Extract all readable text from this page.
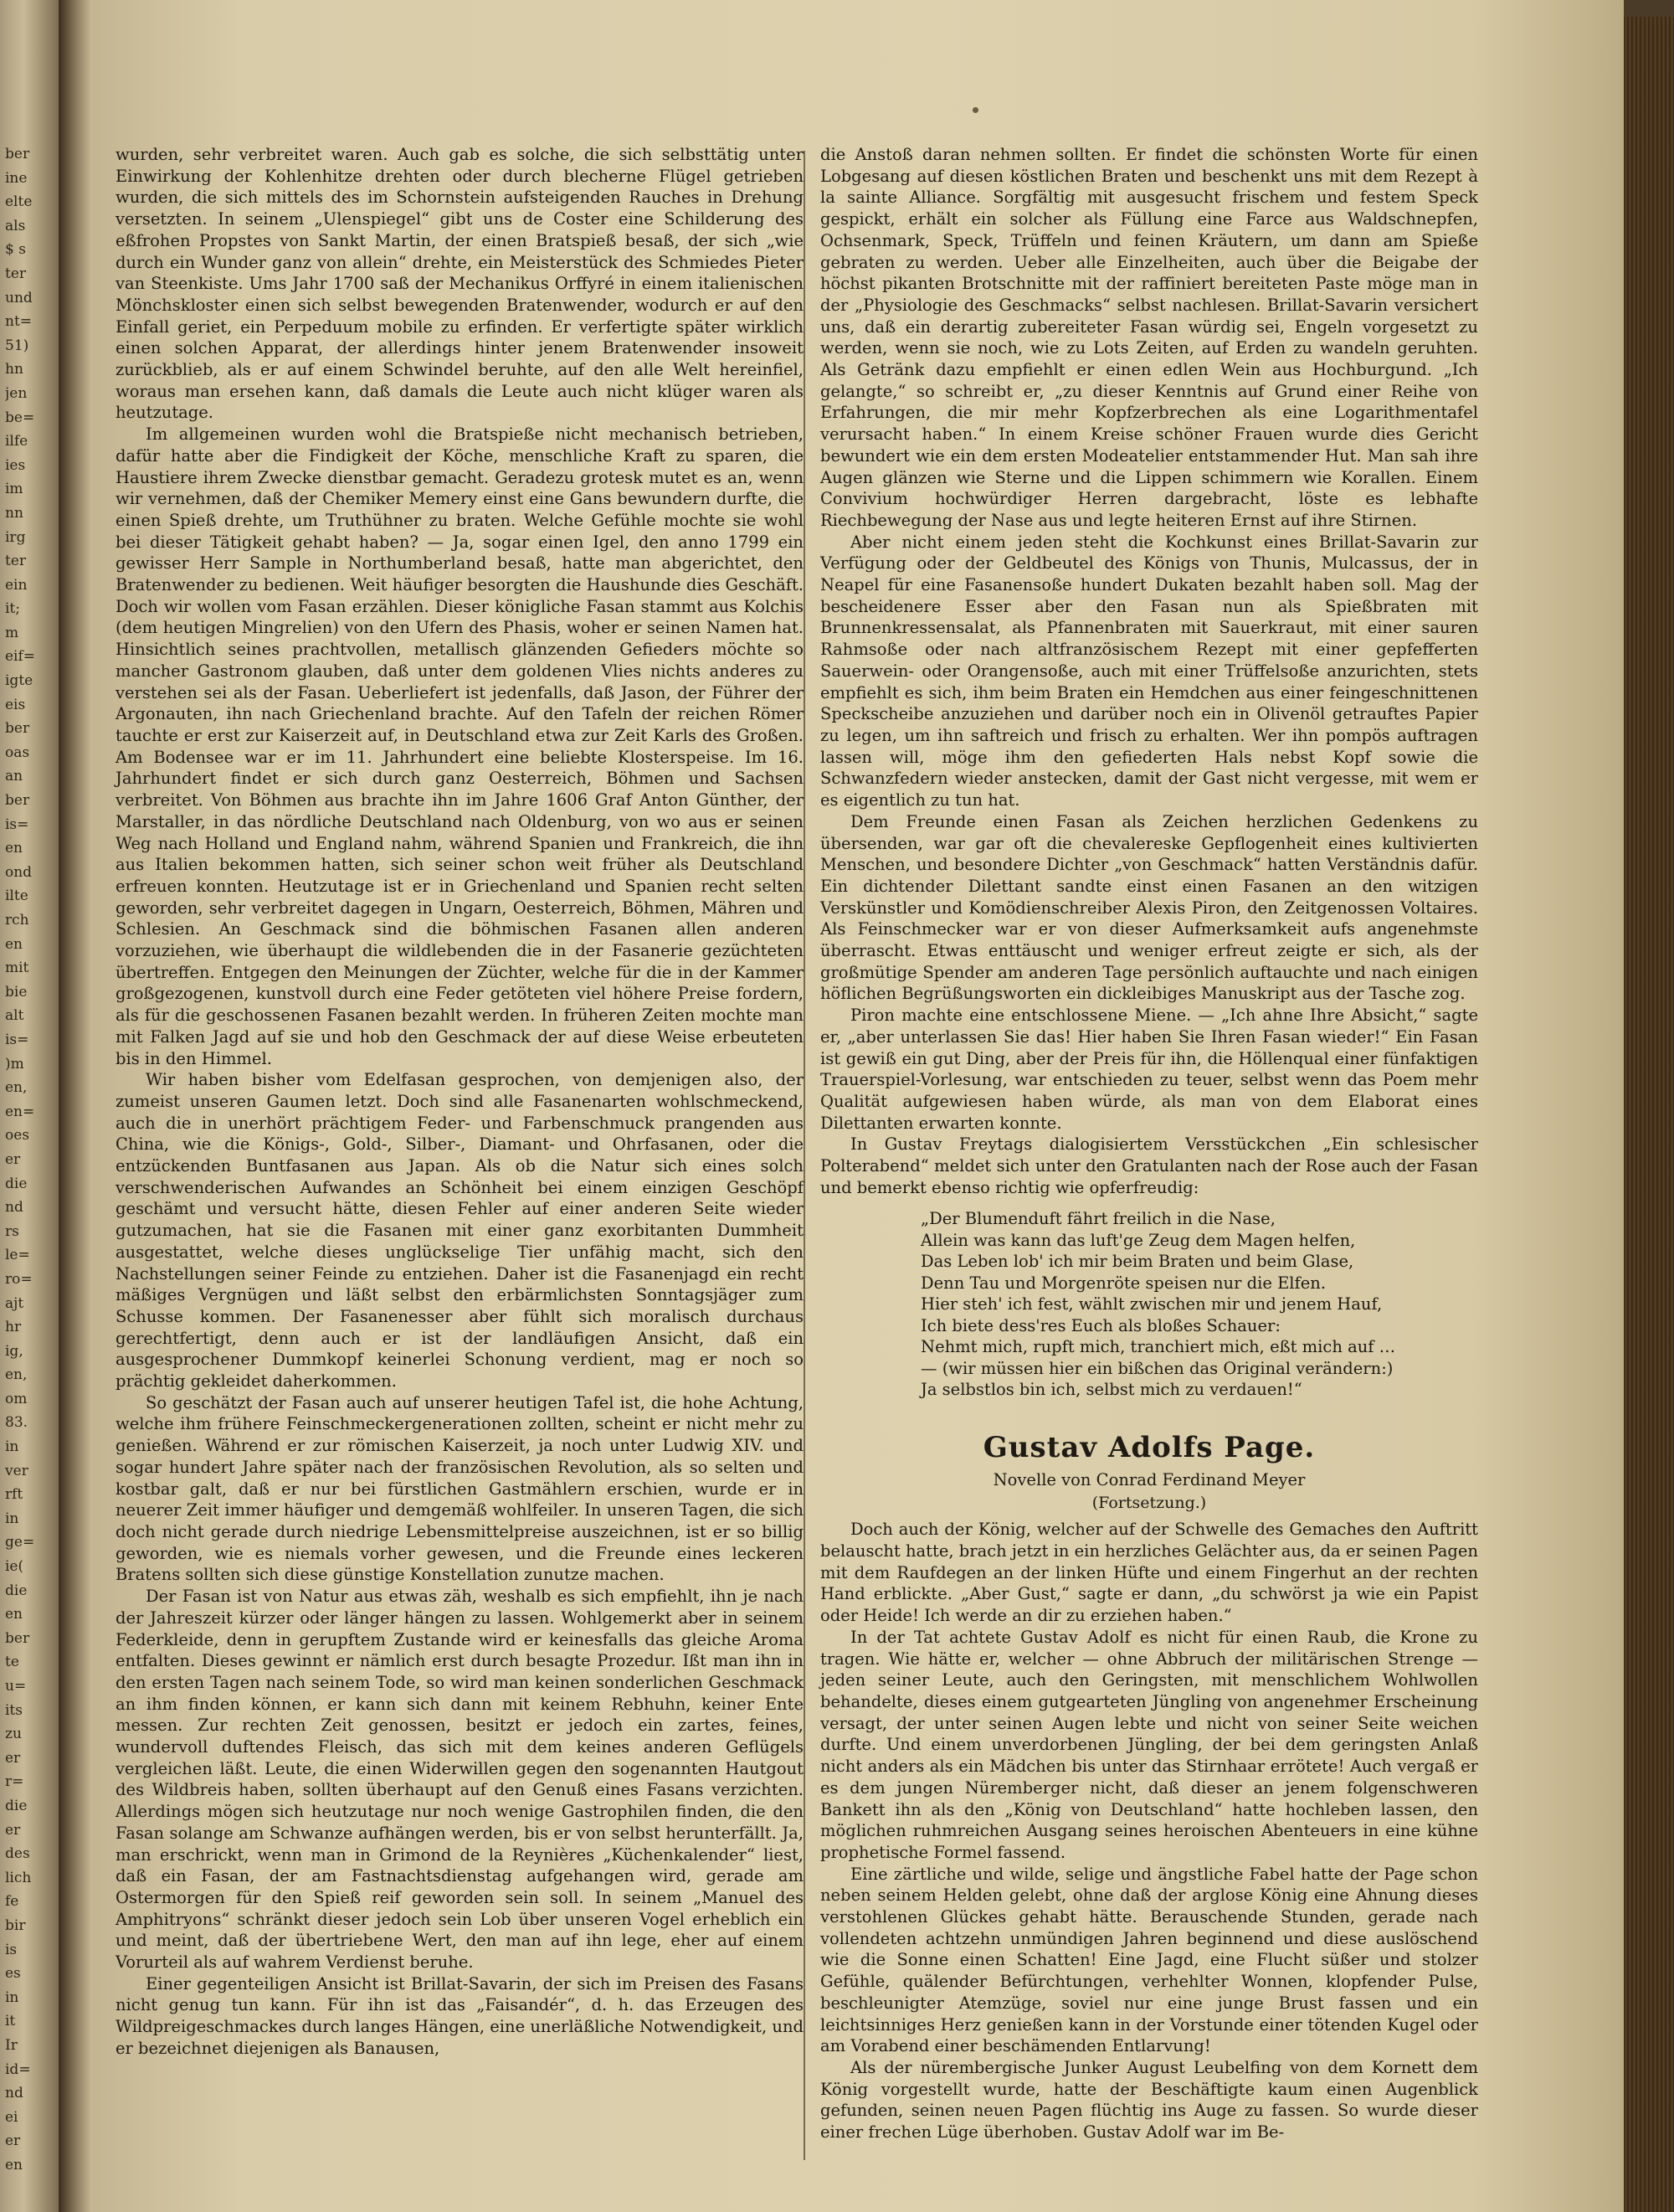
ber
ine
elte
als
$ s
ter
und
nt=
51)
hn
jen
be=
ilfe
ies
im
nn
irg
ter
ein
it;
m
eif=
igte
eis
ber
oas
an
ber
is=
en
ond
ilte
rch
en
mit
bie
alt
is=
)m
en,
en=
oes
er
die
nd
rs
le=
ro=
ajt
hr
ig,
en,
om
83.
in
ver
rft
in
ge=
ie(
die
en
ber
te
u=
its
zu
er
r=
die
er
des
lich
fe
bir
is
es
in
it
Ir
id=
nd
ei
er
en

wurden, sehr verbreitet waren. Auch gab es solche, die sich selbsttätig unter Einwirkung der Kohlenhitze drehten oder durch blecherne Flügel getrieben wurden, die sich mittels des im Schornstein aufsteigenden Rauches in Drehung versetzten. In seinem „Ulenspiegel“ gibt uns de Coster eine Schilderung des eßfrohen Propstes von Sankt Martin, der einen Bratspieß besaß, der sich „wie durch ein Wunder ganz von allein“ drehte, ein Meisterstück des Schmiedes Pieter van Steenkiste. Ums Jahr 1700 saß der Mechanikus Orffyré in einem italienischen Mönchskloster einen sich selbst bewegenden Bratenwender, wodurch er auf den Einfall geriet, ein Perpeduum mobile zu erfinden. Er verfertigte später wirklich einen solchen Apparat, der allerdings hinter jenem Bratenwender insoweit zurückblieb, als er auf einem Schwindel beruhte, auf den alle Welt hereinfiel, woraus man ersehen kann, daß damals die Leute auch nicht klüger waren als heutzutage.

Im allgemeinen wurden wohl die Bratspieße nicht mechanisch betrieben, dafür hatte aber die Findigkeit der Köche, menschliche Kraft zu sparen, die Haustiere ihrem Zwecke dienstbar gemacht. Geradezu grotesk mutet es an, wenn wir vernehmen, daß der Chemiker Memery einst eine Gans bewundern durfte, die einen Spieß drehte, um Truthühner zu braten. Welche Gefühle mochte sie wohl bei dieser Tätigkeit gehabt haben? — Ja, sogar einen Igel, den anno 1799 ein gewisser Herr Sample in Northumberland besaß, hatte man abgerichtet, den Bratenwender zu bedienen. Weit häufiger besorgten die Haushunde dies Geschäft. Doch wir wollen vom Fasan erzählen. Dieser königliche Fasan stammt aus Kolchis (dem heutigen Mingrelien) von den Ufern des Phasis, woher er seinen Namen hat. Hinsichtlich seines prachtvollen, metallisch glänzenden Gefieders möchte so mancher Gastronom glauben, daß unter dem goldenen Vlies nichts anderes zu verstehen sei als der Fasan. Ueberliefert ist jedenfalls, daß Jason, der Führer der Argonauten, ihn nach Griechenland brachte. Auf den Tafeln der reichen Römer tauchte er erst zur Kaiserzeit auf, in Deutschland etwa zur Zeit Karls des Großen. Am Bodensee war er im 11. Jahrhundert eine beliebte Klosterspeise. Im 16. Jahrhundert findet er sich durch ganz Oesterreich, Böhmen und Sachsen verbreitet. Von Böhmen aus brachte ihn im Jahre 1606 Graf Anton Günther, der Marstaller, in das nördliche Deutschland nach Oldenburg, von wo aus er seinen Weg nach Holland und England nahm, während Spanien und Frankreich, die ihn aus Italien bekommen hatten, sich seiner schon weit früher als Deutschland erfreuen konnten. Heutzutage ist er in Griechenland und Spanien recht selten geworden, sehr verbreitet dagegen in Ungarn, Oesterreich, Böhmen, Mähren und Schlesien. An Geschmack sind die böhmischen Fasanen allen anderen vorzuziehen, wie überhaupt die wildlebenden die in der Fasanerie gezüchteten übertreffen. Entgegen den Meinungen der Züchter, welche für die in der Kammer großgezogenen, kunstvoll durch eine Feder getöteten viel höhere Preise fordern, als für die geschossenen Fasanen bezahlt werden. In früheren Zeiten mochte man mit Falken Jagd auf sie und hob den Geschmack der auf diese Weise erbeuteten bis in den Himmel.

Wir haben bisher vom Edelfasan gesprochen, von demjenigen also, der zumeist unseren Gaumen letzt. Doch sind alle Fasanenarten wohlschmeckend, auch die in unerhört prächtigem Feder- und Farbenschmuck prangenden aus China, wie die Königs-, Gold-, Silber-, Diamant- und Ohrfasanen, oder die entzückenden Buntfasanen aus Japan. Als ob die Natur sich eines solch verschwenderischen Aufwandes an Schönheit bei einem einzigen Geschöpf geschämt und versucht hätte, diesen Fehler auf einer anderen Seite wieder gutzumachen, hat sie die Fasanen mit einer ganz exorbitanten Dummheit ausgestattet, welche dieses unglückselige Tier unfähig macht, sich den Nachstellungen seiner Feinde zu entziehen. Daher ist die Fasanenjagd ein recht mäßiges Vergnügen und läßt selbst den erbärmlichsten Sonntagsjäger zum Schusse kommen. Der Fasanenesser aber fühlt sich moralisch durchaus gerechtfertigt, denn auch er ist der landläufigen Ansicht, daß ein ausgesprochener Dummkopf keinerlei Schonung verdient, mag er noch so prächtig gekleidet daherkommen.

So geschätzt der Fasan auch auf unserer heutigen Tafel ist, die hohe Achtung, welche ihm frühere Feinschmeckergenerationen zollten, scheint er nicht mehr zu genießen. Während er zur römischen Kaiserzeit, ja noch unter Ludwig XIV. und sogar hundert Jahre später nach der französischen Revolution, als so selten und kostbar galt, daß er nur bei fürstlichen Gastmählern erschien, wurde er in neuerer Zeit immer häufiger und demgemäß wohlfeiler. In unseren Tagen, die sich doch nicht gerade durch niedrige Lebensmittelpreise auszeichnen, ist er so billig geworden, wie es niemals vorher gewesen, und die Freunde eines leckeren Bratens sollten sich diese günstige Konstellation zunutze machen.

Der Fasan ist von Natur aus etwas zäh, weshalb es sich empfiehlt, ihn je nach der Jahreszeit kürzer oder länger hängen zu lassen. Wohlgemerkt aber in seinem Federkleide, denn in gerupftem Zustande wird er keinesfalls das gleiche Aroma entfalten. Dieses gewinnt er nämlich erst durch besagte Prozedur. Ißt man ihn in den ersten Tagen nach seinem Tode, so wird man keinen sonderlichen Geschmack an ihm finden können, er kann sich dann mit keinem Rebhuhn, keiner Ente messen. Zur rechten Zeit genossen, besitzt er jedoch ein zartes, feines, wundervoll duftendes Fleisch, das sich mit dem keines anderen Geflügels vergleichen läßt. Leute, die einen Widerwillen gegen den sogenannten Hautgout des Wildbreis haben, sollten überhaupt auf den Genuß eines Fasans verzichten. Allerdings mögen sich heutzutage nur noch wenige Gastrophilen finden, die den Fasan solange am Schwanze aufhängen werden, bis er von selbst herunterfällt. Ja, man erschrickt, wenn man in Grimond de la Reynières „Küchenkalender“ liest, daß ein Fasan, der am Fastnachtsdienstag aufgehangen wird, gerade am Ostermorgen für den Spieß reif geworden sein soll. In seinem „Manuel des Amphitryons“ schränkt dieser jedoch sein Lob über unseren Vogel erheblich ein und meint, daß der übertriebene Wert, den man auf ihn lege, eher auf einem Vorurteil als auf wahrem Verdienst beruhe.

Einer gegenteiligen Ansicht ist Brillat-Savarin, der sich im Preisen des Fasans nicht genug tun kann. Für ihn ist das „Faisandér“, d. h. das Erzeugen des Wildpreigeschmackes durch langes Hängen, eine unerläßliche Notwendigkeit, und er bezeichnet diejenigen als Banausen,

die Anstoß daran nehmen sollten. Er findet die schönsten Worte für einen Lobgesang auf diesen köstlichen Braten und beschenkt uns mit dem Rezept à la sainte Alliance. Sorgfältig mit ausgesucht frischem und festem Speck gespickt, erhält ein solcher als Füllung eine Farce aus Waldschnepfen, Ochsenmark, Speck, Trüffeln und feinen Kräutern, um dann am Spieße gebraten zu werden. Ueber alle Einzelheiten, auch über die Beigabe der höchst pikanten Brotschnitte mit der raffiniert bereiteten Paste möge man in der „Physiologie des Geschmacks“ selbst nachlesen. Brillat-Savarin versichert uns, daß ein derartig zubereiteter Fasan würdig sei, Engeln vorgesetzt zu werden, wenn sie noch, wie zu Lots Zeiten, auf Erden zu wandeln geruhten. Als Getränk dazu empfiehlt er einen edlen Wein aus Hochburgund. „Ich gelangte,“ so schreibt er, „zu dieser Kenntnis auf Grund einer Reihe von Erfahrungen, die mir mehr Kopfzerbrechen als eine Logarithmentafel verursacht haben.“ In einem Kreise schöner Frauen wurde dies Gericht bewundert wie ein dem ersten Modeatelier entstammender Hut. Man sah ihre Augen glänzen wie Sterne und die Lippen schimmern wie Korallen. Einem Convivium hochwürdiger Herren dargebracht, löste es lebhafte Riechbewegung der Nase aus und legte heiteren Ernst auf ihre Stirnen.

Aber nicht einem jeden steht die Kochkunst eines Brillat-Savarin zur Verfügung oder der Geldbeutel des Königs von Thunis, Mulcassus, der in Neapel für eine Fasanensoße hundert Dukaten bezahlt haben soll. Mag der bescheidenere Esser aber den Fasan nun als Spießbraten mit Brunnenkressensalat, als Pfannenbraten mit Sauerkraut, mit einer sauren Rahmsoße oder nach altfranzösischem Rezept mit einer gepfefferten Sauerwein- oder Orangensoße, auch mit einer Trüffelsoße anzurichten, stets empfiehlt es sich, ihm beim Braten ein Hemdchen aus einer feingeschnittenen Speckscheibe anzuziehen und darüber noch ein in Olivenöl getrauftes Papier zu legen, um ihn saftreich und frisch zu erhalten. Wer ihn pompös auftragen lassen will, möge ihm den gefiederten Hals nebst Kopf sowie die Schwanzfedern wieder anstecken, damit der Gast nicht vergesse, mit wem er es eigentlich zu tun hat.

Dem Freunde einen Fasan als Zeichen herzlichen Gedenkens zu übersenden, war gar oft die chevalereske Gepflogenheit eines kultivierten Menschen, und besondere Dichter „von Geschmack“ hatten Verständnis dafür. Ein dichtender Dilettant sandte einst einen Fasanen an den witzigen Verskünstler und Komödienschreiber Alexis Piron, den Zeitgenossen Voltaires. Als Feinschmecker war er von dieser Aufmerksamkeit aufs angenehmste überrascht. Etwas enttäuscht und weniger erfreut zeigte er sich, als der großmütige Spender am anderen Tage persönlich auftauchte und nach einigen höflichen Begrüßungsworten ein dickleibiges Manuskript aus der Tasche zog.

Piron machte eine entschlossene Miene. — „Ich ahne Ihre Absicht,“ sagte er, „aber unterlassen Sie das! Hier haben Sie Ihren Fasan wieder!“ Ein Fasan ist gewiß ein gut Ding, aber der Preis für ihn, die Höllenqual einer fünfaktigen Trauerspiel-Vorlesung, war entschieden zu teuer, selbst wenn das Poem mehr Qualität aufgewiesen haben würde, als man von dem Elaborat eines Dilettanten erwarten konnte.

In Gustav Freytags dialogisiertem Versstückchen „Ein schlesischer Polterabend“ meldet sich unter den Gratulanten nach der Rose auch der Fasan und bemerkt ebenso richtig wie opferfreudig:

„Der Blumenduft fährt freilich in die Nase,
Allein was kann das luft'ge Zeug dem Magen helfen,
Das Leben lob' ich mir beim Braten und beim Glase,
Denn Tau und Morgenröte speisen nur die Elfen.
Hier steh' ich fest, wählt zwischen mir und jenem Hauf,
Ich biete dess'res Euch als bloßes Schauer:
Nehmt mich, rupft mich, tranchiert mich, eßt mich auf …
— (wir müssen hier ein bißchen das Original verändern:)
Ja selbstlos bin ich, selbst mich zu verdauen!“
Gustav Adolfs Page.
Novelle von Conrad Ferdinand Meyer
(Fortsetzung.)

Doch auch der König, welcher auf der Schwelle des Gemaches den Auftritt belauscht hatte, brach jetzt in ein herzliches Gelächter aus, da er seinen Pagen mit dem Raufdegen an der linken Hüfte und einem Fingerhut an der rechten Hand erblickte. „Aber Gust,“ sagte er dann, „du schwörst ja wie ein Papist oder Heide! Ich werde an dir zu erziehen haben.“

In der Tat achtete Gustav Adolf es nicht für einen Raub, die Krone zu tragen. Wie hätte er, welcher — ohne Abbruch der militärischen Strenge — jeden seiner Leute, auch den Geringsten, mit menschlichem Wohlwollen behandelte, dieses einem gutgearteten Jüngling von angenehmer Erscheinung versagt, der unter seinen Augen lebte und nicht von seiner Seite weichen durfte. Und einem unverdorbenen Jüngling, der bei dem geringsten Anlaß nicht anders als ein Mädchen bis unter das Stirnhaar errötete! Auch vergaß er es dem jungen Nüremberger nicht, daß dieser an jenem folgenschweren Bankett ihn als den „König von Deutschland“ hatte hochleben lassen, den möglichen ruhmreichen Ausgang seines heroischen Abenteuers in eine kühne prophetische Formel fassend.

Eine zärtliche und wilde, selige und ängstliche Fabel hatte der Page schon neben seinem Helden gelebt, ohne daß der arglose König eine Ahnung dieses verstohlenen Glückes gehabt hätte. Berauschende Stunden, gerade nach vollendeten achtzehn unmündigen Jahren beginnend und diese auslöschend wie die Sonne einen Schatten! Eine Jagd, eine Flucht süßer und stolzer Gefühle, quälender Befürchtungen, verhehlter Wonnen, klopfender Pulse, beschleunigter Atemzüge, soviel nur eine junge Brust fassen und ein leichtsinniges Herz genießen kann in der Vorstunde einer tötenden Kugel oder am Vorabend einer beschämenden Entlarvung!

Als der nürembergische Junker August Leubelfing von dem Kornett dem König vorgestellt wurde, hatte der Beschäftigte kaum einen Augenblick gefunden, seinen neuen Pagen flüchtig ins Auge zu fassen. So wurde dieser einer frechen Lüge überhoben. Gustav Adolf war im Be-
